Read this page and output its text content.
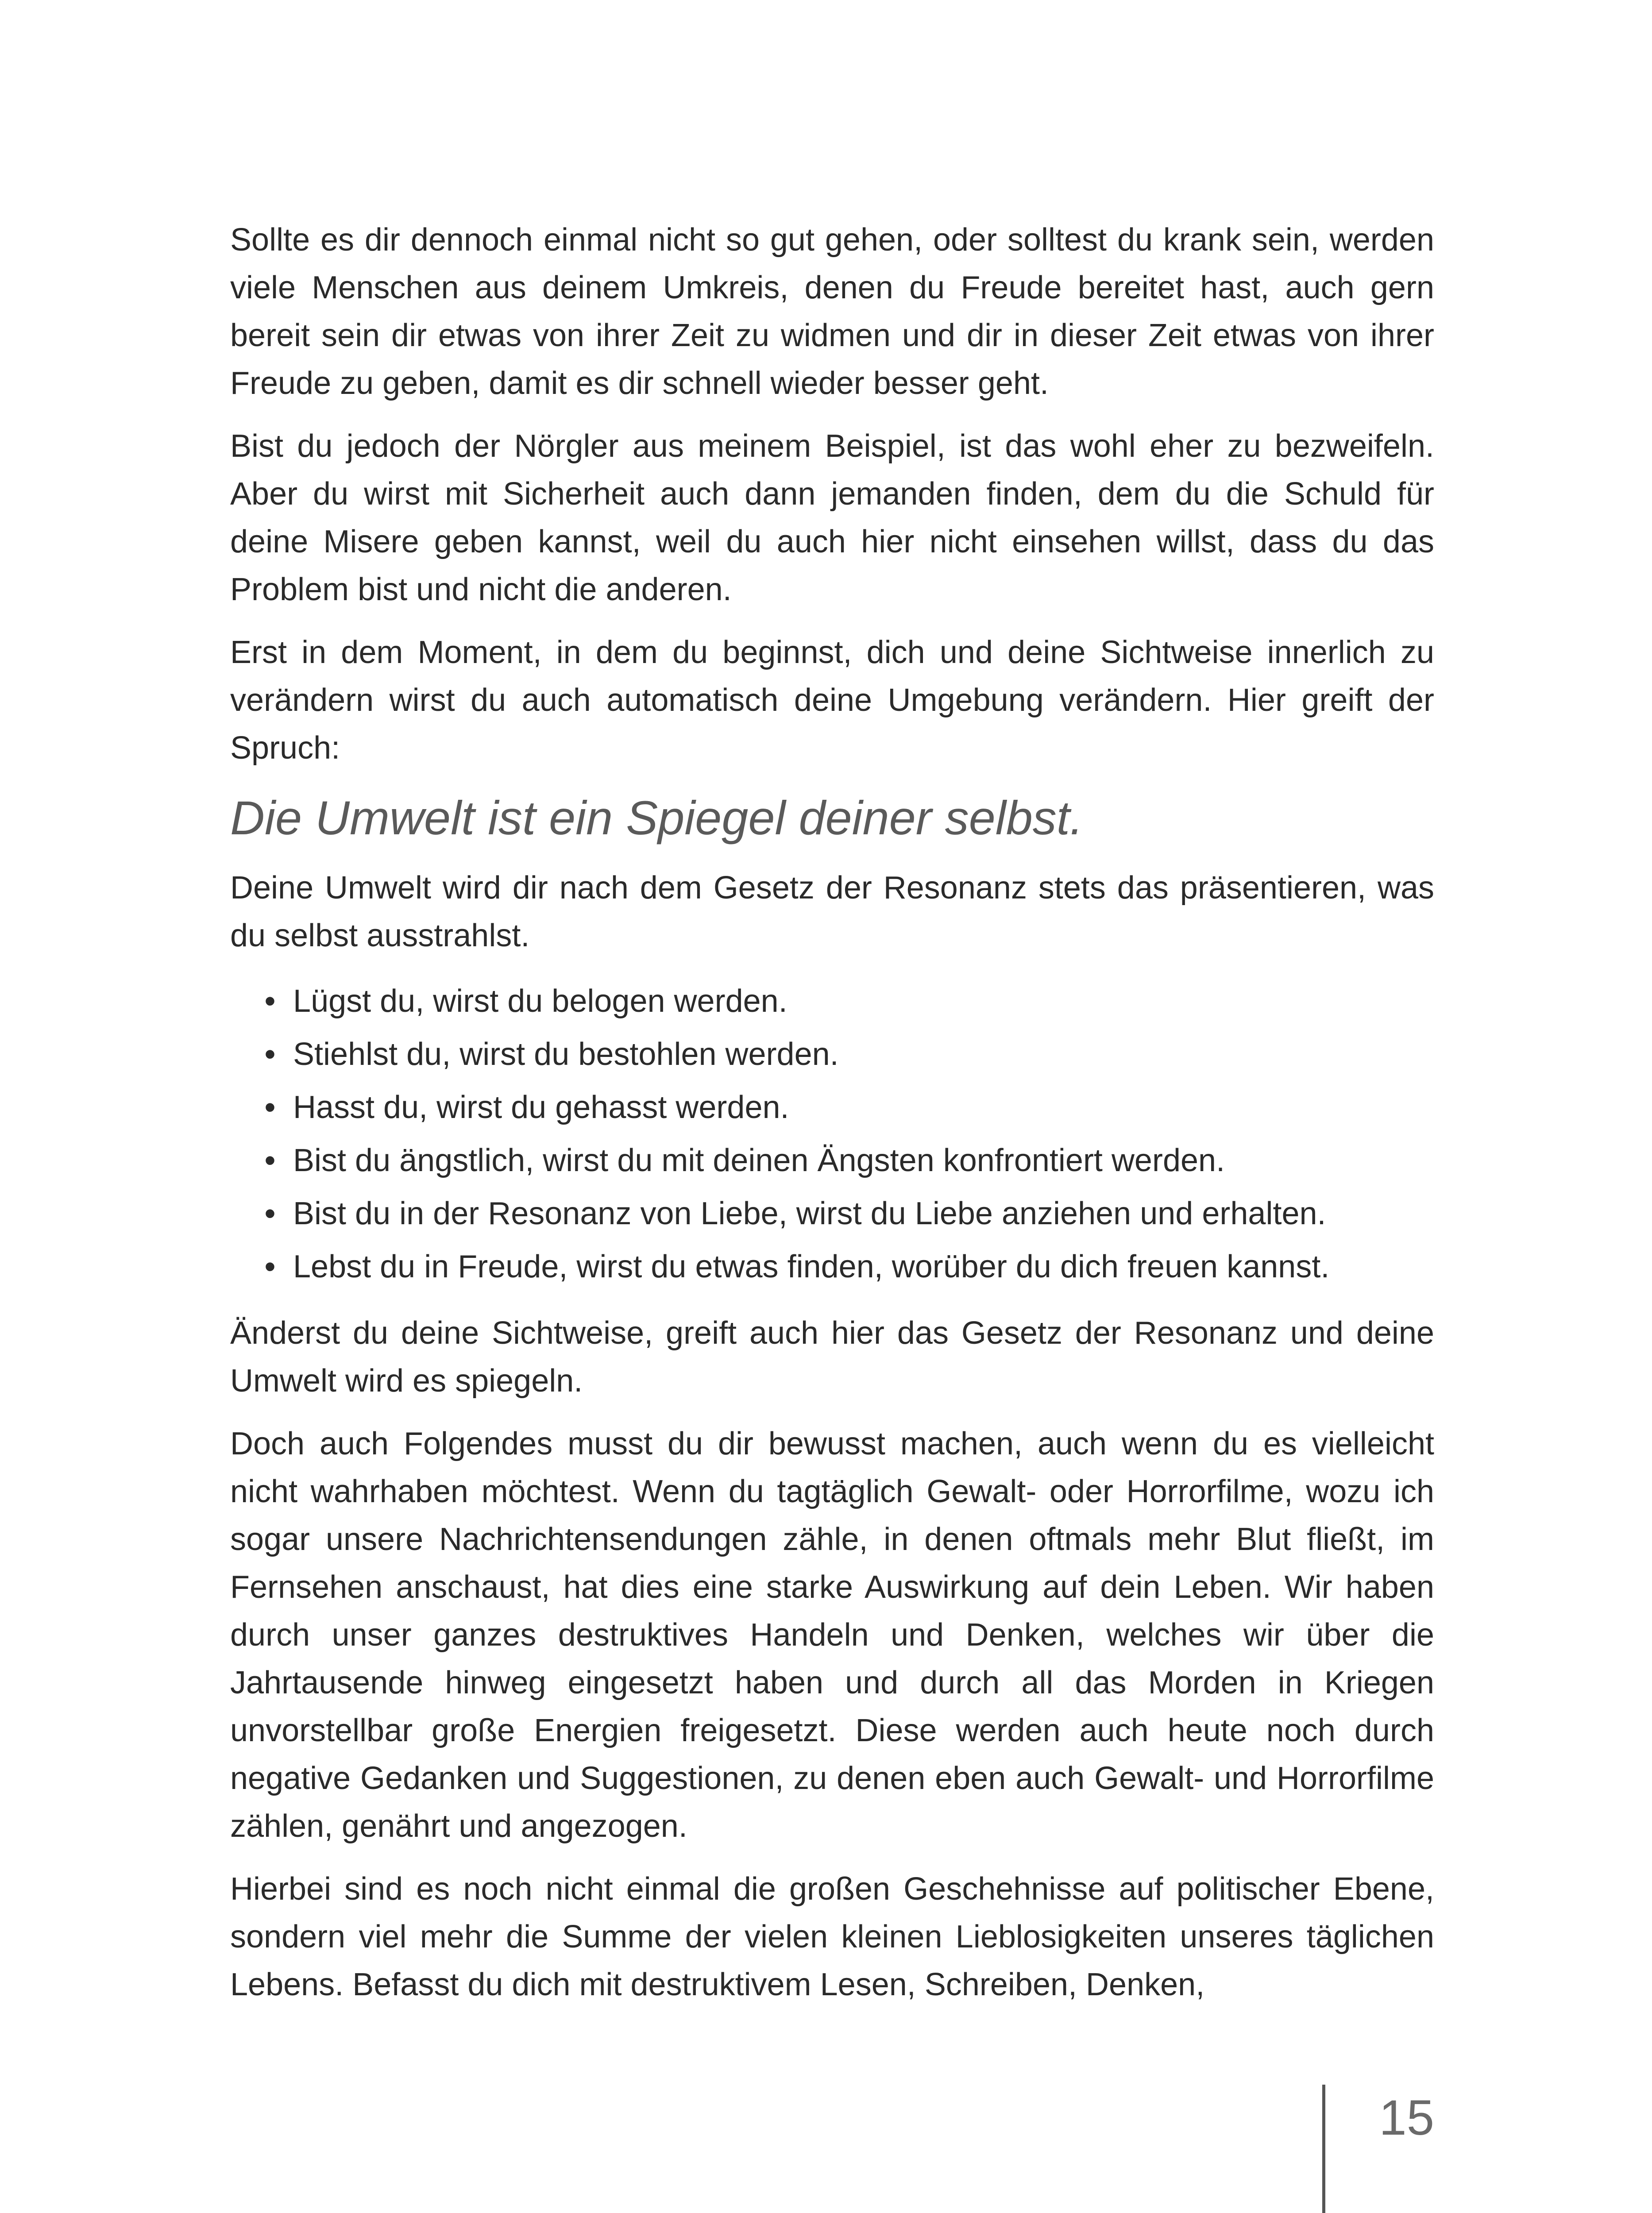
Sollte es dir dennoch einmal nicht so gut gehen, oder solltest du krank sein, werden viele Menschen aus deinem Umkreis, denen du Freude bereitet hast, auch gern bereit sein dir etwas von ihrer Zeit zu widmen und dir in dieser Zeit etwas von ihrer Freude zu geben, damit es dir schnell wieder besser geht.

Bist du jedoch der Nörgler aus meinem Beispiel, ist das wohl eher zu bezweifeln. Aber du wirst mit Sicherheit auch dann jemanden finden, dem du die Schuld für deine Misere geben kannst, weil du auch hier nicht einsehen willst, dass du das Problem bist und nicht die anderen.

Erst in dem Moment, in dem du beginnst, dich und deine Sichtweise innerlich zu verändern wirst du auch automatisch deine Umgebung verändern. Hier greift der Spruch:

Die Umwelt ist ein Spiegel deiner selbst.

Deine Umwelt wird dir nach dem Gesetz der Resonanz stets das präsentieren, was du selbst ausstrahlst.

• Lügst du, wirst du belogen werden.
• Stiehlst du, wirst du bestohlen werden.
• Hasst du, wirst du gehasst werden.
• Bist du ängstlich, wirst du mit deinen Ängsten konfrontiert werden.
• Bist du in der Resonanz von Liebe, wirst du Liebe anziehen und erhalten.
• Lebst du in Freude, wirst du etwas finden, worüber du dich freuen kannst.

Änderst du deine Sichtweise, greift auch hier das Gesetz der Resonanz und deine Umwelt wird es spiegeln.

Doch auch Folgendes musst du dir bewusst machen, auch wenn du es vielleicht nicht wahrhaben möchtest. Wenn du tagtäglich Gewalt- oder Horrorfilme, wozu ich sogar unsere Nachrichtensendungen zähle, in denen oftmals mehr Blut fließt, im Fernsehen anschaust, hat dies eine starke Auswirkung auf dein Leben. Wir haben durch unser ganzes destruktives Handeln und Denken, welches wir über die Jahrtausende hinweg eingesetzt haben und durch all das Morden in Kriegen unvorstellbar große Energien freigesetzt. Diese werden auch heute noch durch negative Gedanken und Suggestionen, zu denen eben auch Gewalt- und Horrorfilme zählen, genährt und angezogen.

Hierbei sind es noch nicht einmal die großen Geschehnisse auf politischer Ebene, sondern viel mehr die Summe der vielen kleinen Lieblosigkeiten unseres täglichen Lebens. Befasst du dich mit destruktivem Lesen, Schreiben, Denken,

15
